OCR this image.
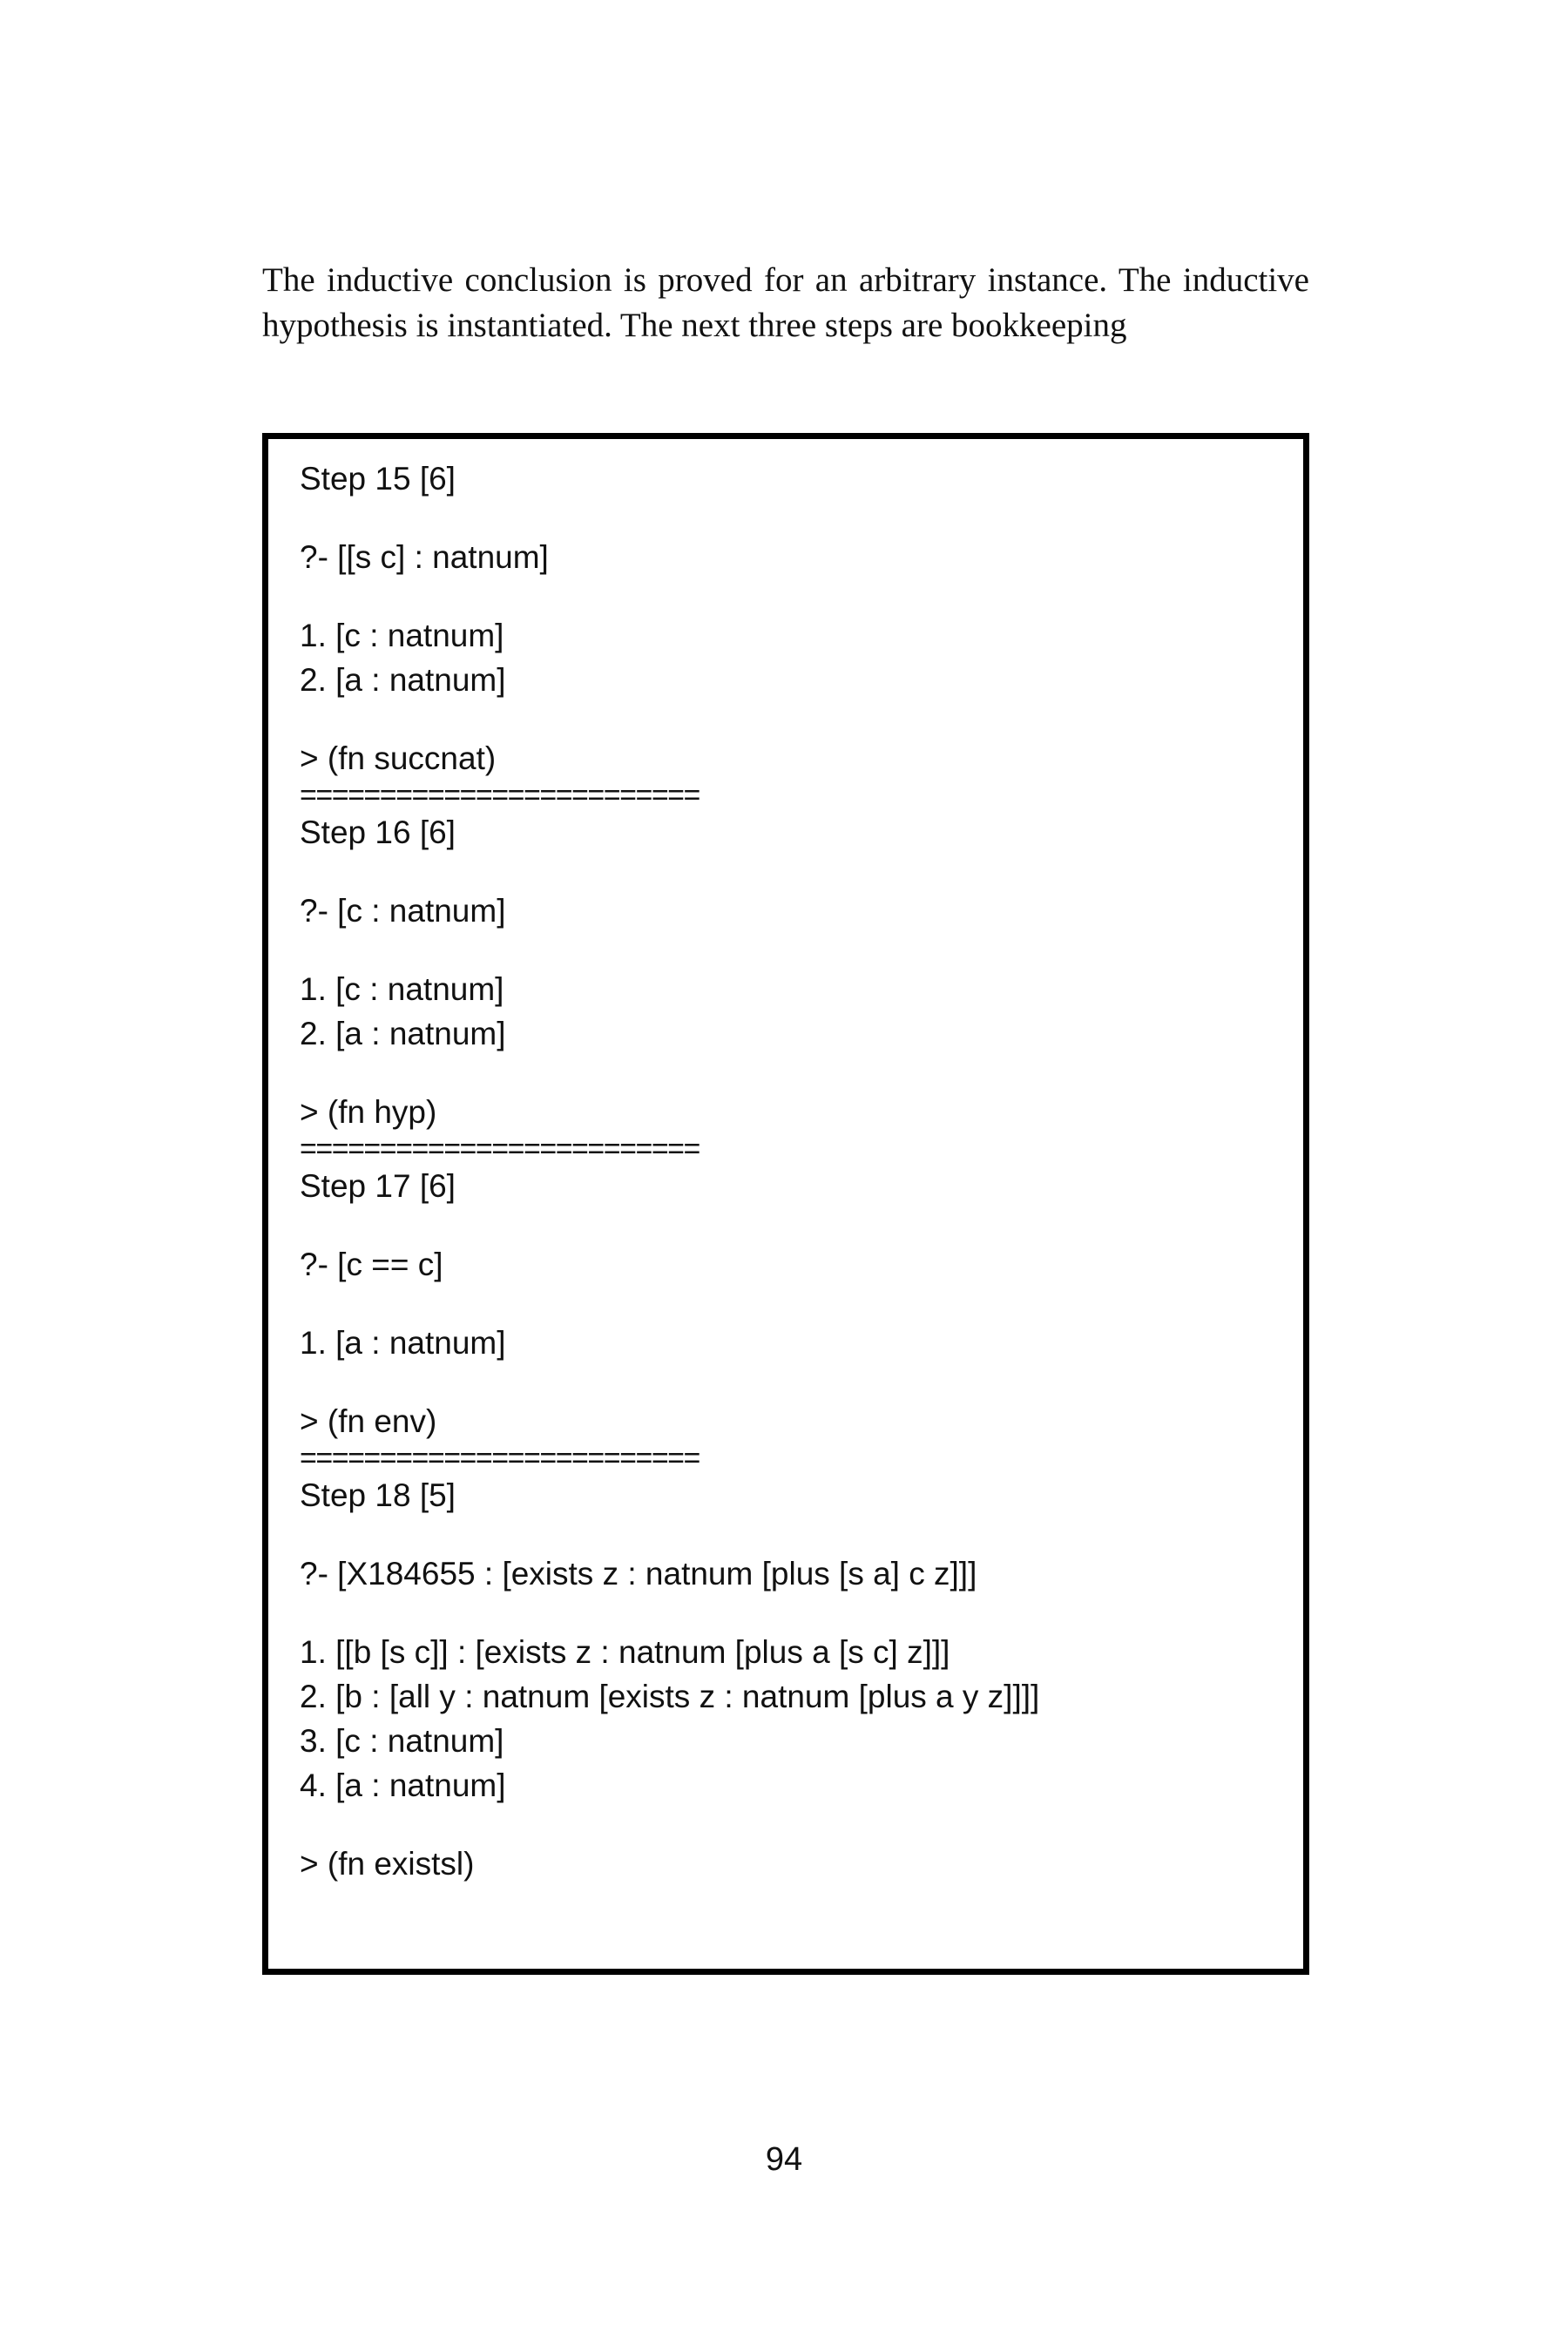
The inductive conclusion is proved for an arbitrary instance. The inductive hypothesis is instantiated. The next three steps are bookkeeping

Step 15 [6]
?- [[s c] : natnum]
1. [c : natnum]
2. [a : natnum]
> (fn succnat)
=========================
Step 16 [6]
?- [c : natnum]
1. [c : natnum]
2. [a : natnum]
> (fn hyp)
=========================
Step 17 [6]
?- [c == c]
1. [a : natnum]
> (fn env)
=========================
Step 18 [5]
?- [X184655 : [exists z : natnum [plus [s a] c z]]]
1. [[b [s c]] : [exists z : natnum [plus a [s c] z]]]
2. [b : [all y : natnum [exists z : natnum [plus a y z]]]]
3. [c : natnum]
4. [a : natnum]
> (fn existsl)
94
